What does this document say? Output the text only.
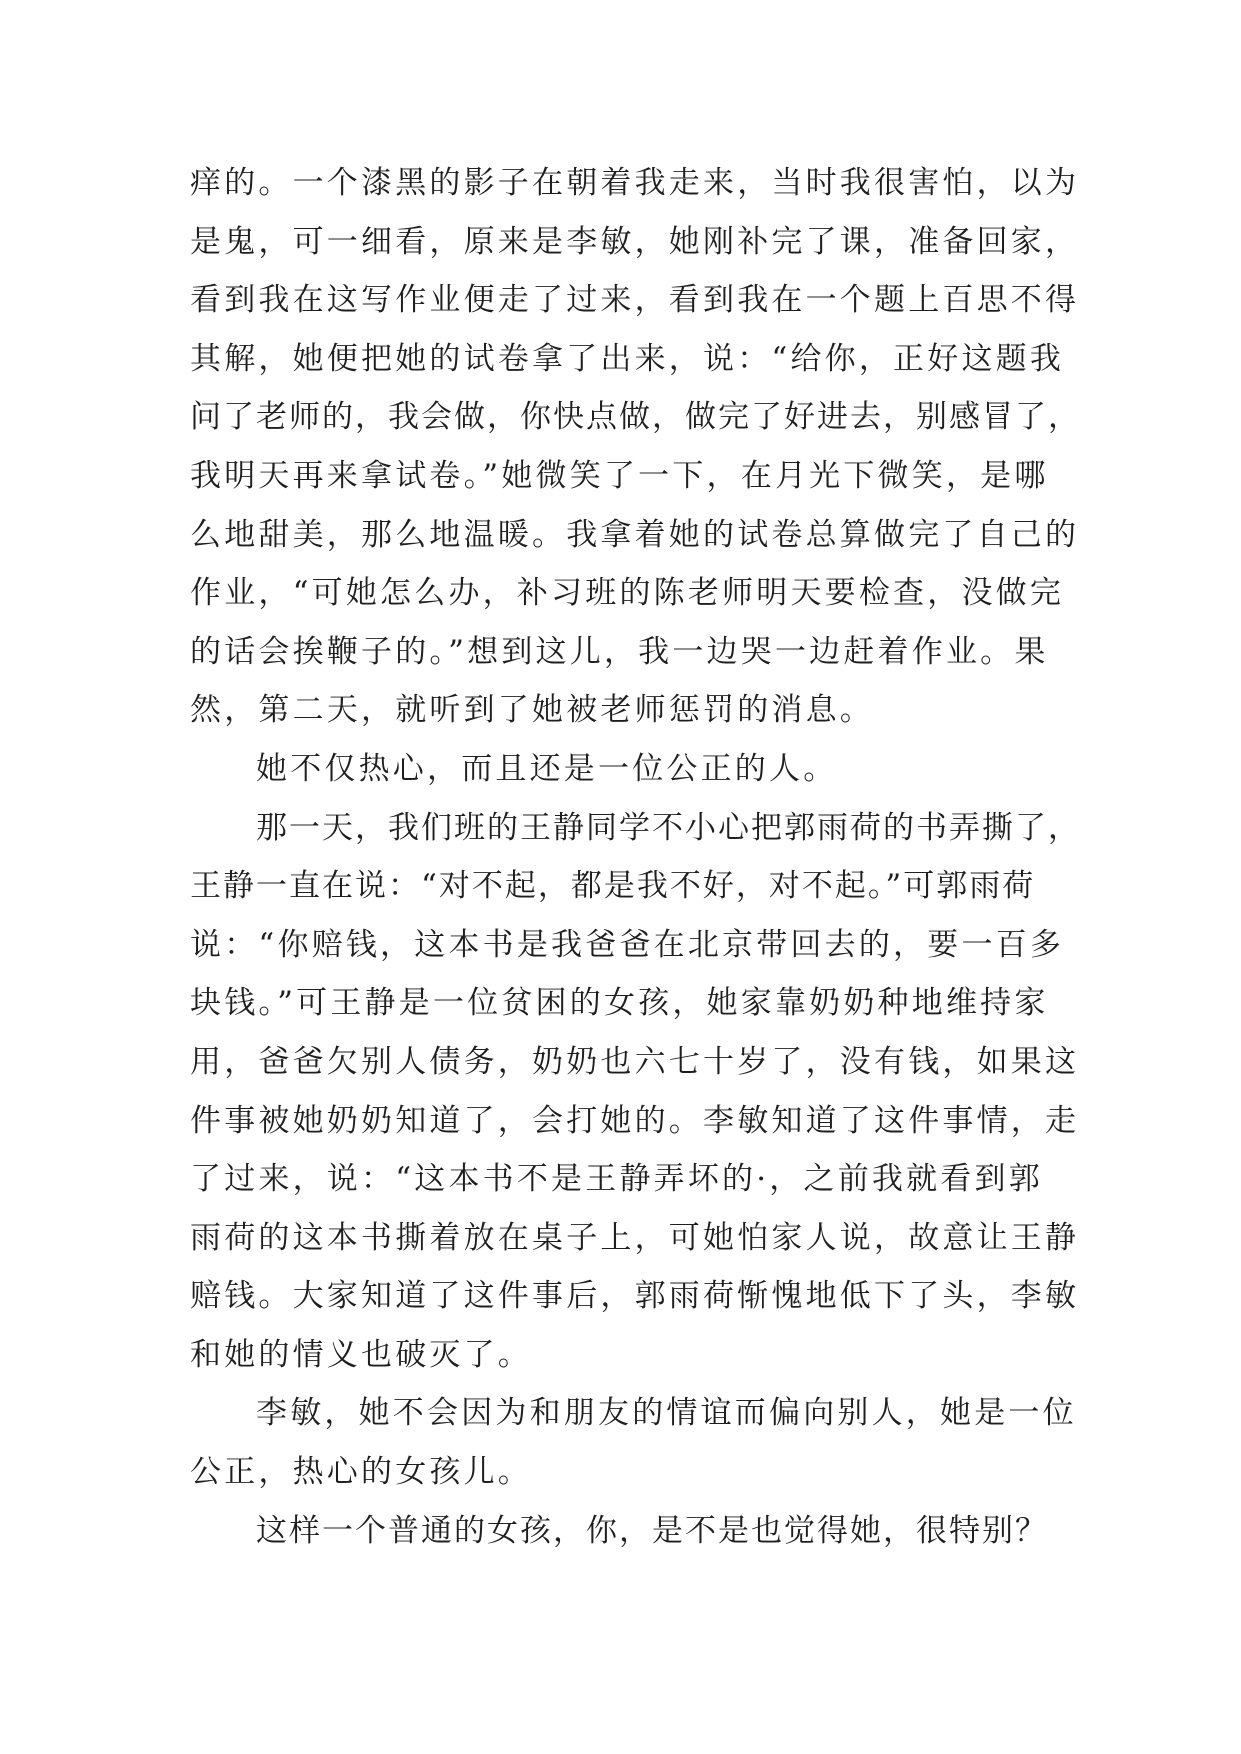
痒的。一个漆黑的影子在朝着我走来，当时我很害怕，以为
是鬼，可一细看，原来是李敏，她刚补完了课，准备回家，
看到我在这写作业便走了过来，看到我在一个题上百思不得
其解，她便把她的试卷拿了出来，说：“给你，正好这题我
问了老师的，我会做，你快点做，做完了好进去，别感冒了，
我明天再来拿试卷。”她微笑了一下，在月光下微笑，是哪
么地甜美，那么地温暖。我拿着她的试卷总算做完了自己的
作业，“可她怎么办，补习班的陈老师明天要检查，没做完
的话会挨鞭子的。”想到这儿，我一边哭一边赶着作业。果
然，第二天，就听到了她被老师惩罚的消息。
她不仅热心，而且还是一位公正的人。
那一天，我们班的王静同学不小心把郭雨荷的书弄撕了，
王静一直在说：“对不起，都是我不好，对不起。”可郭雨荷
说：“你赔钱，这本书是我爸爸在北京带回去的，要一百多
块钱。”可王静是一位贫困的女孩，她家靠奶奶种地维持家
用，爸爸欠别人债务，奶奶也六七十岁了，没有钱，如果这
件事被她奶奶知道了，会打她的。李敏知道了这件事情，走
了过来，说：“这本书不是王静弄坏的·，之前我就看到郭
雨荷的这本书撕着放在桌子上，可她怕家人说，故意让王静
赔钱。大家知道了这件事后，郭雨荷惭愧地低下了头，李敏
和她的情义也破灭了。
李敏，她不会因为和朋友的情谊而偏向别人，她是一位
公正，热心的女孩儿。
这样一个普通的女孩，你，是不是也觉得她，很特别？
